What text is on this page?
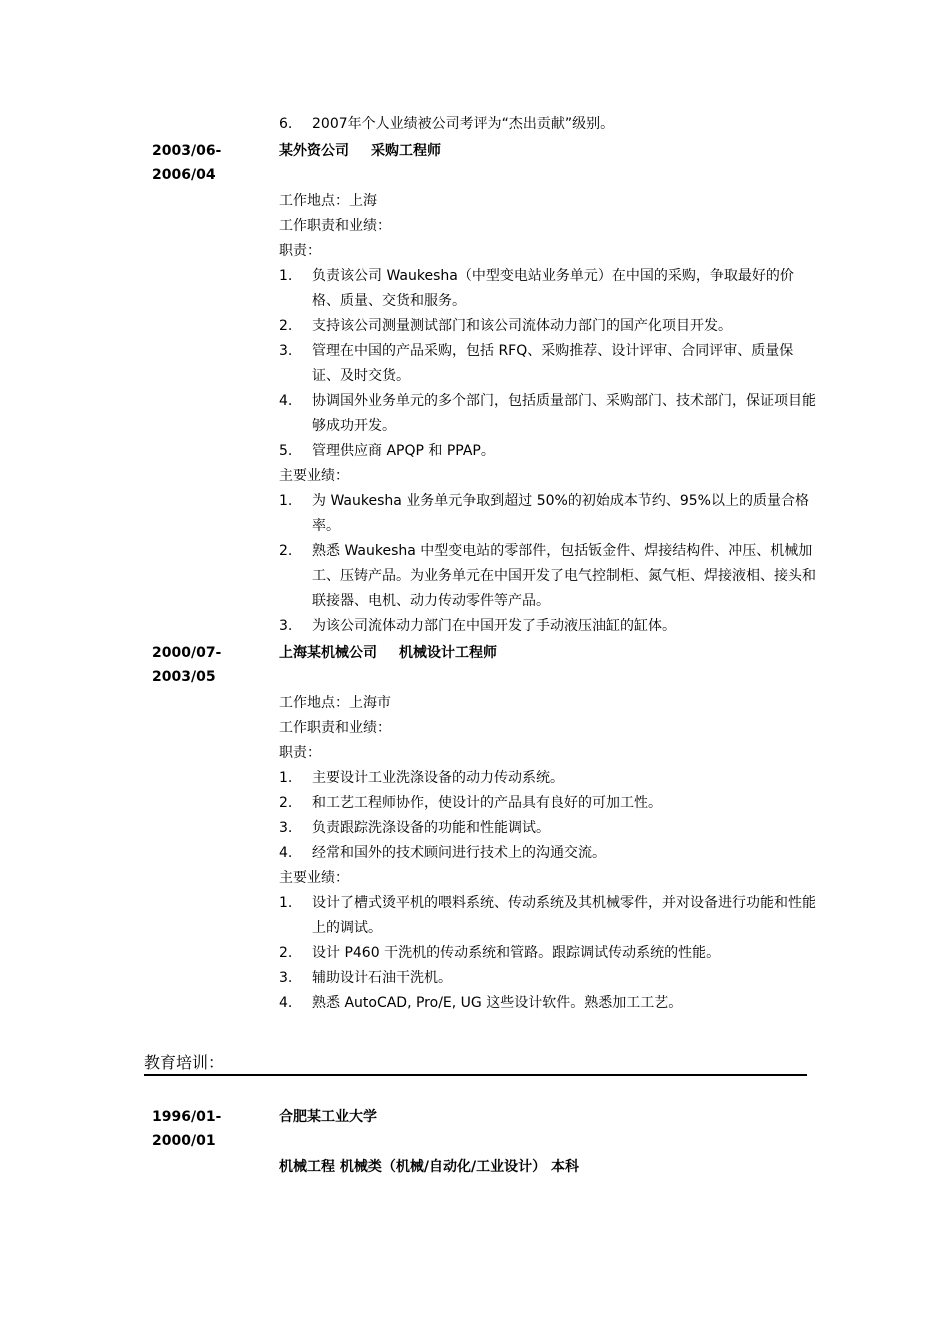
6. 2007年个人业绩被公司考评为“杰出贡献”级别。
2003/06-
2006/04
某外资公司 采购工程师
工作地点：上海
工作职责和业绩：
职责：
1. 负责该公司 Waukesha（中型变电站业务单元）在中国的采购，争取最好的价格、质量、交货和服务。
2. 支持该公司测量测试部门和该公司流体动力部门的国产化项目开发。
3. 管理在中国的产品采购，包括 RFQ、采购推荐、设计评审、合同评审、质量保证、及时交货。
4. 协调国外业务单元的多个部门，包括质量部门、采购部门、技术部门，保证项目能够成功开发。
5. 管理供应商 APQP 和 PPAP。
主要业绩：
1. 为 Waukesha 业务单元争取到超过 50%的初始成本节约、95%以上的质量合格率。
2. 熟悉 Waukesha 中型变电站的零部件，包括钣金件、焊接结构件、冲压、机械加工、压铸产品。为业务单元在中国开发了电气控制柜、氮气柜、焊接液相、接头和联接器、电机、动力传动零件等产品。
3. 为该公司流体动力部门在中国开发了手动液压油缸的缸体。
2000/07-
2003/05
上海某机械公司 机械设计工程师
工作地点：上海市
工作职责和业绩：
职责：
1. 主要设计工业洗涤设备的动力传动系统。
2. 和工艺工程师协作，使设计的产品具有良好的可加工性。
3. 负责跟踪洗涤设备的功能和性能调试。
4. 经常和国外的技术顾问进行技术上的沟通交流。
主要业绩：
1. 设计了槽式烫平机的喂料系统、传动系统及其机械零件，并对设备进行功能和性能上的调试。
2. 设计 P460 干洗机的传动系统和管路。跟踪调试传动系统的性能。
3. 辅助设计石油干洗机。
4. 熟悉 AutoCAD, Pro/E, UG 这些设计软件。熟悉加工工艺。
教育培训：
1996/01-
2000/01
合肥某工业大学
机械工程 机械类（机械/自动化/工业设计） 本科
